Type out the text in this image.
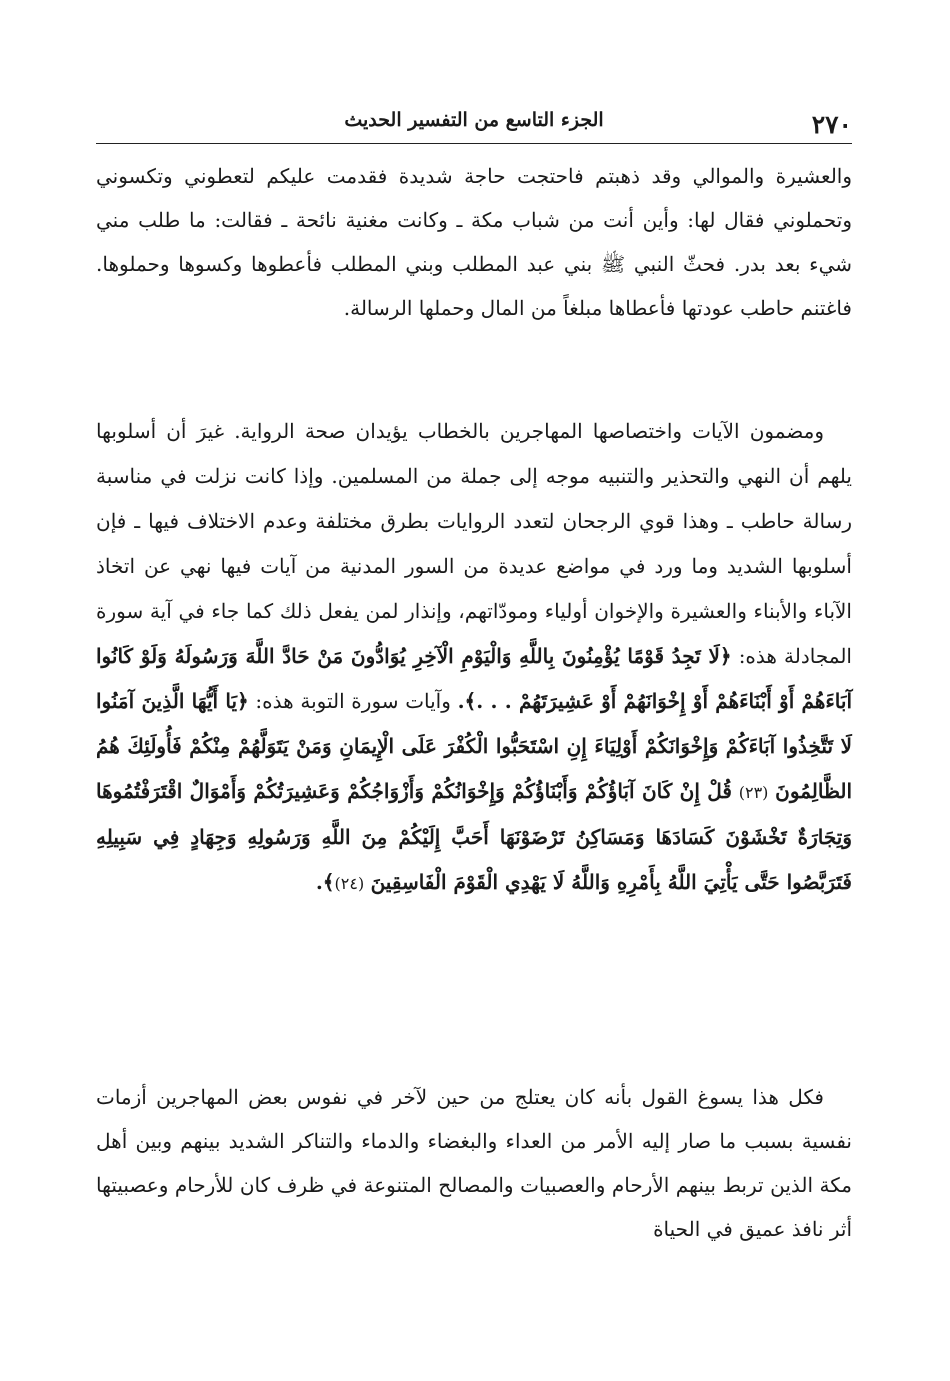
٢٧٠
الجزء التاسع من التفسير الحديث

والعشيرة والموالي وقد ذهبتم فاحتجت حاجة شديدة فقدمت عليكم لتعطوني وتكسوني وتحملوني فقال لها: وأين أنت من شباب مكة ـ وكانت مغنية نائحة ـ فقالت: ما طلب مني شيء بعد بدر. فحثّ النبي ﷺ بني عبد المطلب وبني المطلب فأعطوها وكسوها وحملوها. فاغتنم حاطب عودتها فأعطاها مبلغاً من المال وحملها الرسالة.

ومضمون الآيات واختصاصها المهاجرين بالخطاب يؤيدان صحة الرواية. غيرَ أن أسلوبها يلهم أن النهي والتحذير والتنبيه موجه إلى جملة من المسلمين. وإذا كانت نزلت في مناسبة رسالة حاطب ـ وهذا قوي الرجحان لتعدد الروايات بطرق مختلفة وعدم الاختلاف فيها ـ فإن أسلوبها الشديد وما ورد في مواضع عديدة من السور المدنية من آيات فيها نهي عن اتخاذ الآباء والأبناء والعشيرة والإخوان أولياء ومودّاتهم، وإنذار لمن يفعل ذلك كما جاء في آية سورة المجادلة هذه: ﴿لَا تَجِدُ قَوْمًا يُؤْمِنُونَ بِاللَّهِ وَالْيَوْمِ الْآخِرِ يُوَادُّونَ مَنْ حَادَّ اللَّهَ وَرَسُولَهُ وَلَوْ كَانُوا آبَاءَهُمْ أَوْ أَبْنَاءَهُمْ أَوْ إِخْوَانَهُمْ أَوْ عَشِيرَتَهُمْ . . .﴾. وآيات سورة التوبة هذه: ﴿يَا أَيُّهَا الَّذِينَ آمَنُوا لَا تَتَّخِذُوا آبَاءَكُمْ وَإِخْوَانَكُمْ أَوْلِيَاءَ إِنِ اسْتَحَبُّوا الْكُفْرَ عَلَى الْإِيمَانِ وَمَنْ يَتَوَلَّهُمْ مِنْكُمْ فَأُولَئِكَ هُمُ الظَّالِمُونَ (٢٣) قُلْ إِنْ كَانَ آبَاؤُكُمْ وَأَبْنَاؤُكُمْ وَإِخْوَانُكُمْ وَأَزْوَاجُكُمْ وَعَشِيرَتُكُمْ وَأَمْوَالٌ اقْتَرَفْتُمُوهَا وَتِجَارَةٌ تَخْشَوْنَ كَسَادَهَا وَمَسَاكِنُ تَرْضَوْنَهَا أَحَبَّ إِلَيْكُمْ مِنَ اللَّهِ وَرَسُولِهِ وَجِهَادٍ فِي سَبِيلِهِ فَتَرَبَّصُوا حَتَّى يَأْتِيَ اللَّهُ بِأَمْرِهِ وَاللَّهُ لَا يَهْدِي الْقَوْمَ الْفَاسِقِينَ (٢٤)﴾.

فكل هذا يسوغ القول بأنه كان يعتلج من حين لآخر في نفوس بعض المهاجرين أزمات نفسية بسبب ما صار إليه الأمر من العداء والبغضاء والدماء والتناكر الشديد بينهم وبين أهل مكة الذين تربط بينهم الأرحام والعصبيات والمصالح المتنوعة في ظرف كان للأرحام وعصبيتها أثر نافذ عميق في الحياة
